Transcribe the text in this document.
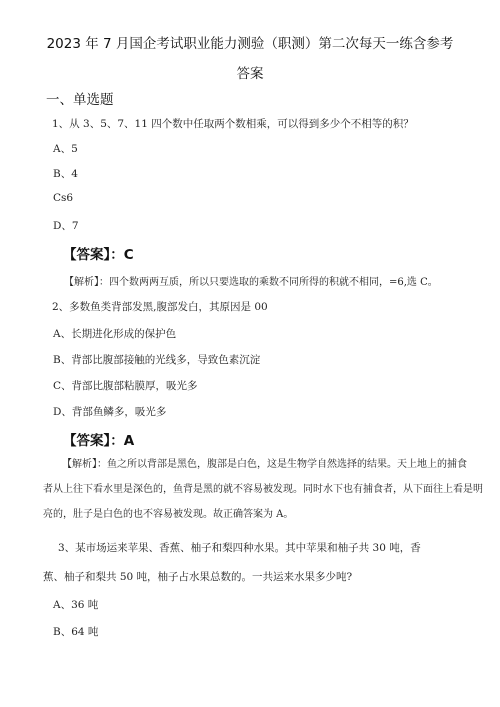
2023 年 7 月国企考试职业能力测验（职测）第二次每天一练含参考
答案
一、单选题
1、从 3、5、7、11 四个数中任取两个数相乘，可以得到多少个不相等的积？
A、5
B、4
Cs6
D、7
【答案】：C
【解析】：四个数两两互质，所以只要选取的乘数不同所得的积就不相同，=6,选 C。
2、多数鱼类背部发黑,腹部发白，其原因是 00
A、长期进化形成的保护色
B、背部比腹部接触的光线多，导致色素沉淀
C、背部比腹部粘膜厚，吸光多
D、背部鱼鳞多，吸光多
【答案】：A
【解析】：鱼之所以背部是黑色，腹部是白色，这是生物学自然选择的结果。天上地上的捕食
者从上往下看水里是深色的，鱼背是黑的就不容易被发现。同时水下也有捕食者，从下面往上看是明
亮的，肚子是白色的也不容易被发现。故正确答案为 A。
3、某市场运来苹果、香蕉、柚子和梨四种水果。其中苹果和柚子共 30 吨，香
蕉、柚子和梨共 50 吨，柚子占水果总数的。一共运来水果多少吨?
A、36 吨
B、64 吨
